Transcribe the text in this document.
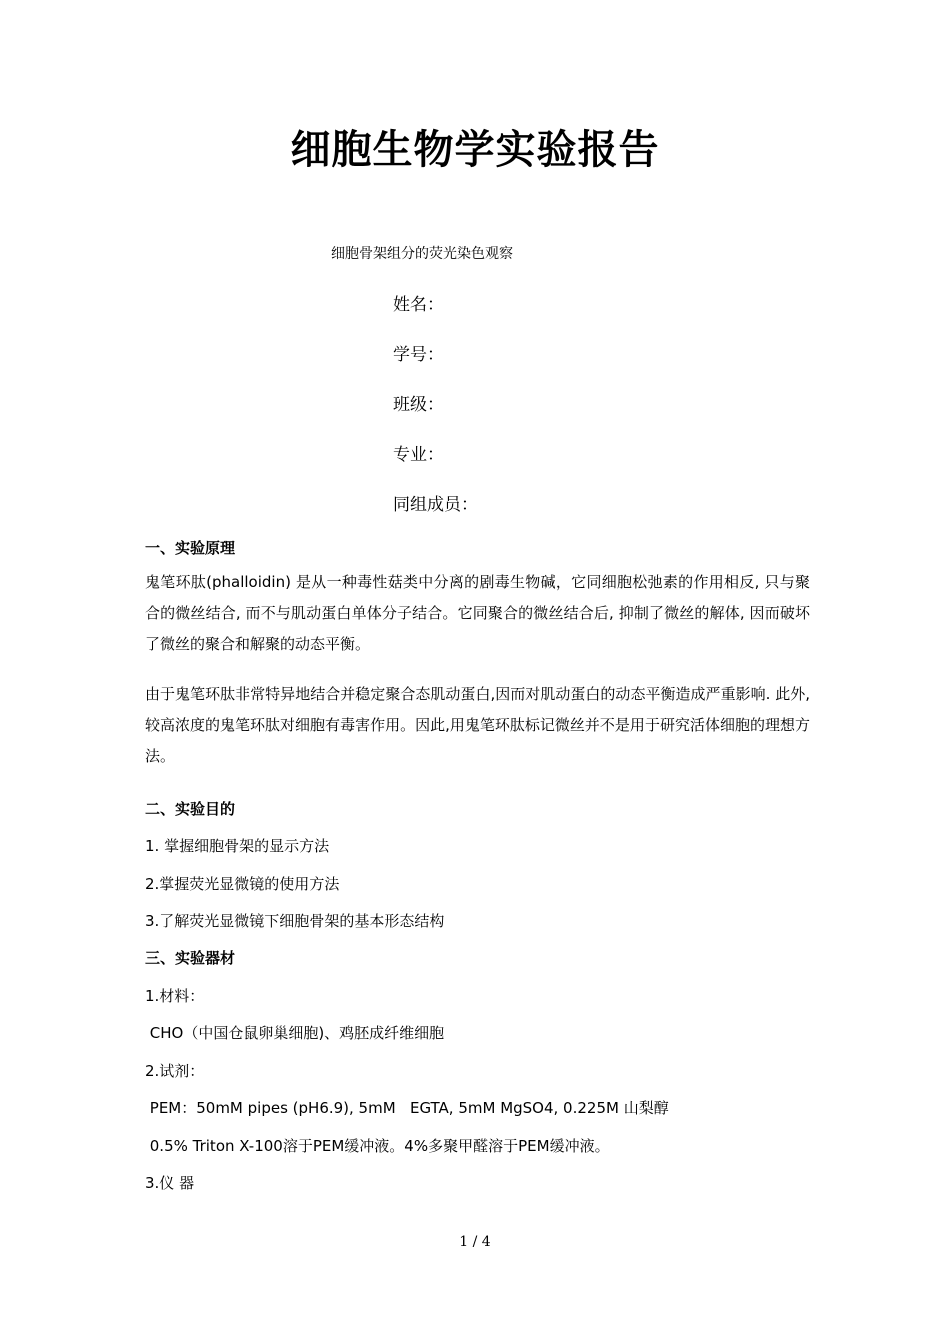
细胞生物学实验报告
细胞骨架组分的荧光染色观察
姓名：
学号：
班级：
专业：
同组成员：
一、实验原理
鬼笔环肽(phalloidin) 是从一种毒性菇类中分离的剧毒生物碱，它同细胞松弛素的作用相反, 只与聚合的微丝结合, 而不与肌动蛋白单体分子结合。它同聚合的微丝结合后, 抑制了微丝的解体, 因而破坏了微丝的聚合和解聚的动态平衡。
由于鬼笔环肽非常特异地结合并稳定聚合态肌动蛋白,因而对肌动蛋白的动态平衡造成严重影响. 此外, 较高浓度的鬼笔环肽对细胞有毒害作用。因此,用鬼笔环肽标记微丝并不是用于研究活体细胞的理想方法。
二、实验目的
1. 掌握细胞骨架的显示方法
2.掌握荧光显微镜的使用方法
3.了解荧光显微镜下细胞骨架的基本形态结构
三、实验器材
1.材料：
CHO（中国仓鼠卵巢细胞)、鸡胚成纤维细胞
2.试剂：
PEM：50mM pipes (pH6.9), 5mM   EGTA, 5mM MgSO4, 0.225M 山梨醇
0.5% Triton X-100溶于PEM缓冲液。4%多聚甲醛溶于PEM缓冲液。
3.仪 器
1 / 4
